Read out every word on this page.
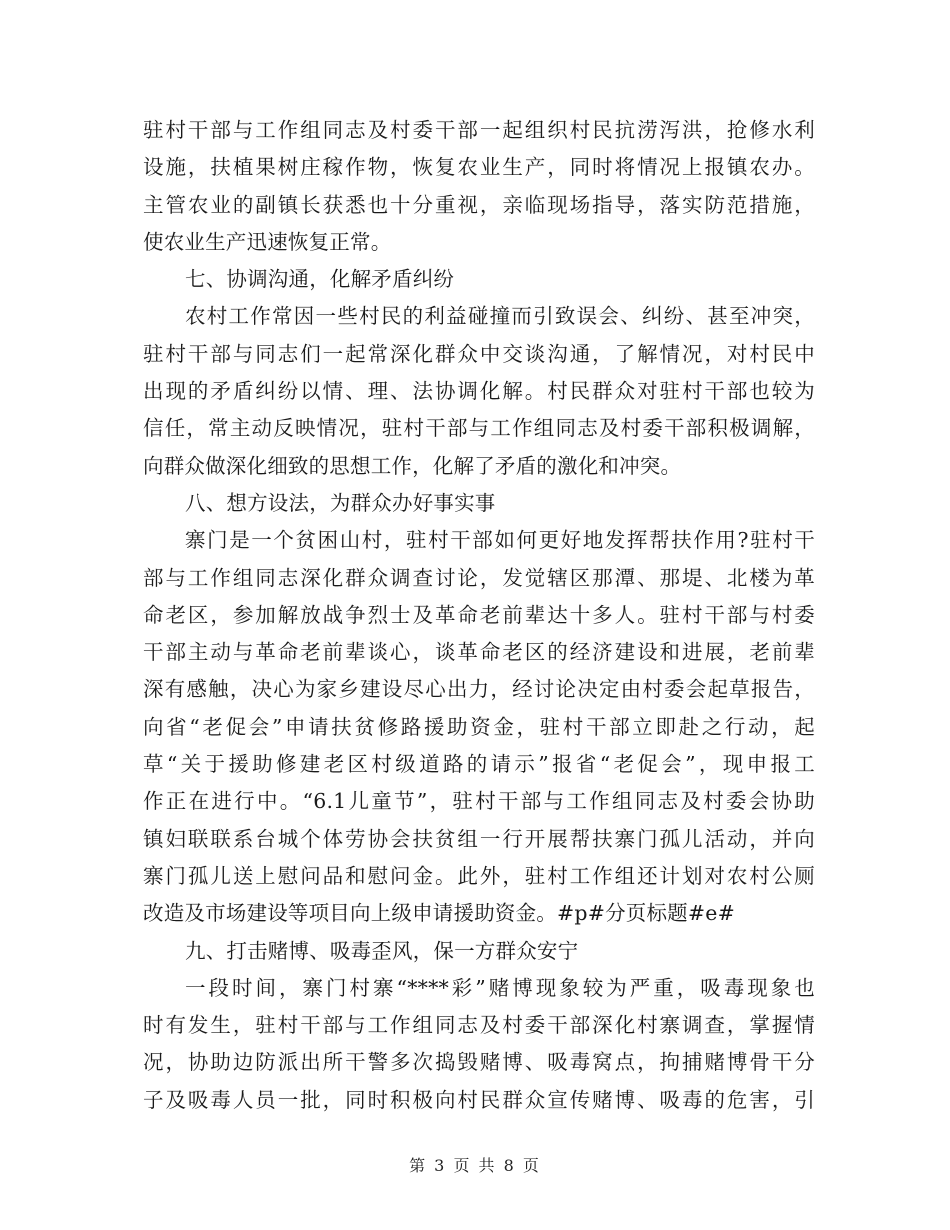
驻村干部与工作组同志及村委干部一起组织村民抗涝泻洪，抢修水利
设施，扶植果树庄稼作物，恢复农业生产，同时将情况上报镇农办。
主管农业的副镇长获悉也十分重视，亲临现场指导，落实防范措施，
使农业生产迅速恢复正常。
七、协调沟通，化解矛盾纠纷
农村工作常因一些村民的利益碰撞而引致误会、纠纷、甚至冲突，
驻村干部与同志们一起常深化群众中交谈沟通，了解情况，对村民中
出现的矛盾纠纷以情、理、法协调化解。村民群众对驻村干部也较为
信任，常主动反映情况，驻村干部与工作组同志及村委干部积极调解，
向群众做深化细致的思想工作，化解了矛盾的激化和冲突。
八、想方设法，为群众办好事实事
寨门是一个贫困山村，驻村干部如何更好地发挥帮扶作用?驻村干
部与工作组同志深化群众调查讨论，发觉辖区那潭、那堤、北楼为革
命老区，参加解放战争烈士及革命老前辈达十多人。驻村干部与村委
干部主动与革命老前辈谈心，谈革命老区的经济建设和进展，老前辈
深有感触，决心为家乡建设尽心出力，经讨论决定由村委会起草报告，
向省“老促会”申请扶贫修路援助资金，驻村干部立即赴之行动，起
草“关于援助修建老区村级道路的请示”报省“老促会”，现申报工
作正在进行中。“6.1儿童节”，驻村干部与工作组同志及村委会协助
镇妇联联系台城个体劳协会扶贫组一行开展帮扶寨门孤儿活动，并向
寨门孤儿送上慰问品和慰问金。此外，驻村工作组还计划对农村公厕
改造及市场建设等项目向上级申请援助资金。#p#分页标题#e#
九、打击赌博、吸毒歪风，保一方群众安宁
一段时间，寨门村寨“****彩”赌博现象较为严重，吸毒现象也
时有发生，驻村干部与工作组同志及村委干部深化村寨调查，掌握情
况，协助边防派出所干警多次捣毁赌博、吸毒窝点，拘捕赌博骨干分
子及吸毒人员一批，同时积极向村民群众宣传赌博、吸毒的危害，引
第 3 页 共 8 页
